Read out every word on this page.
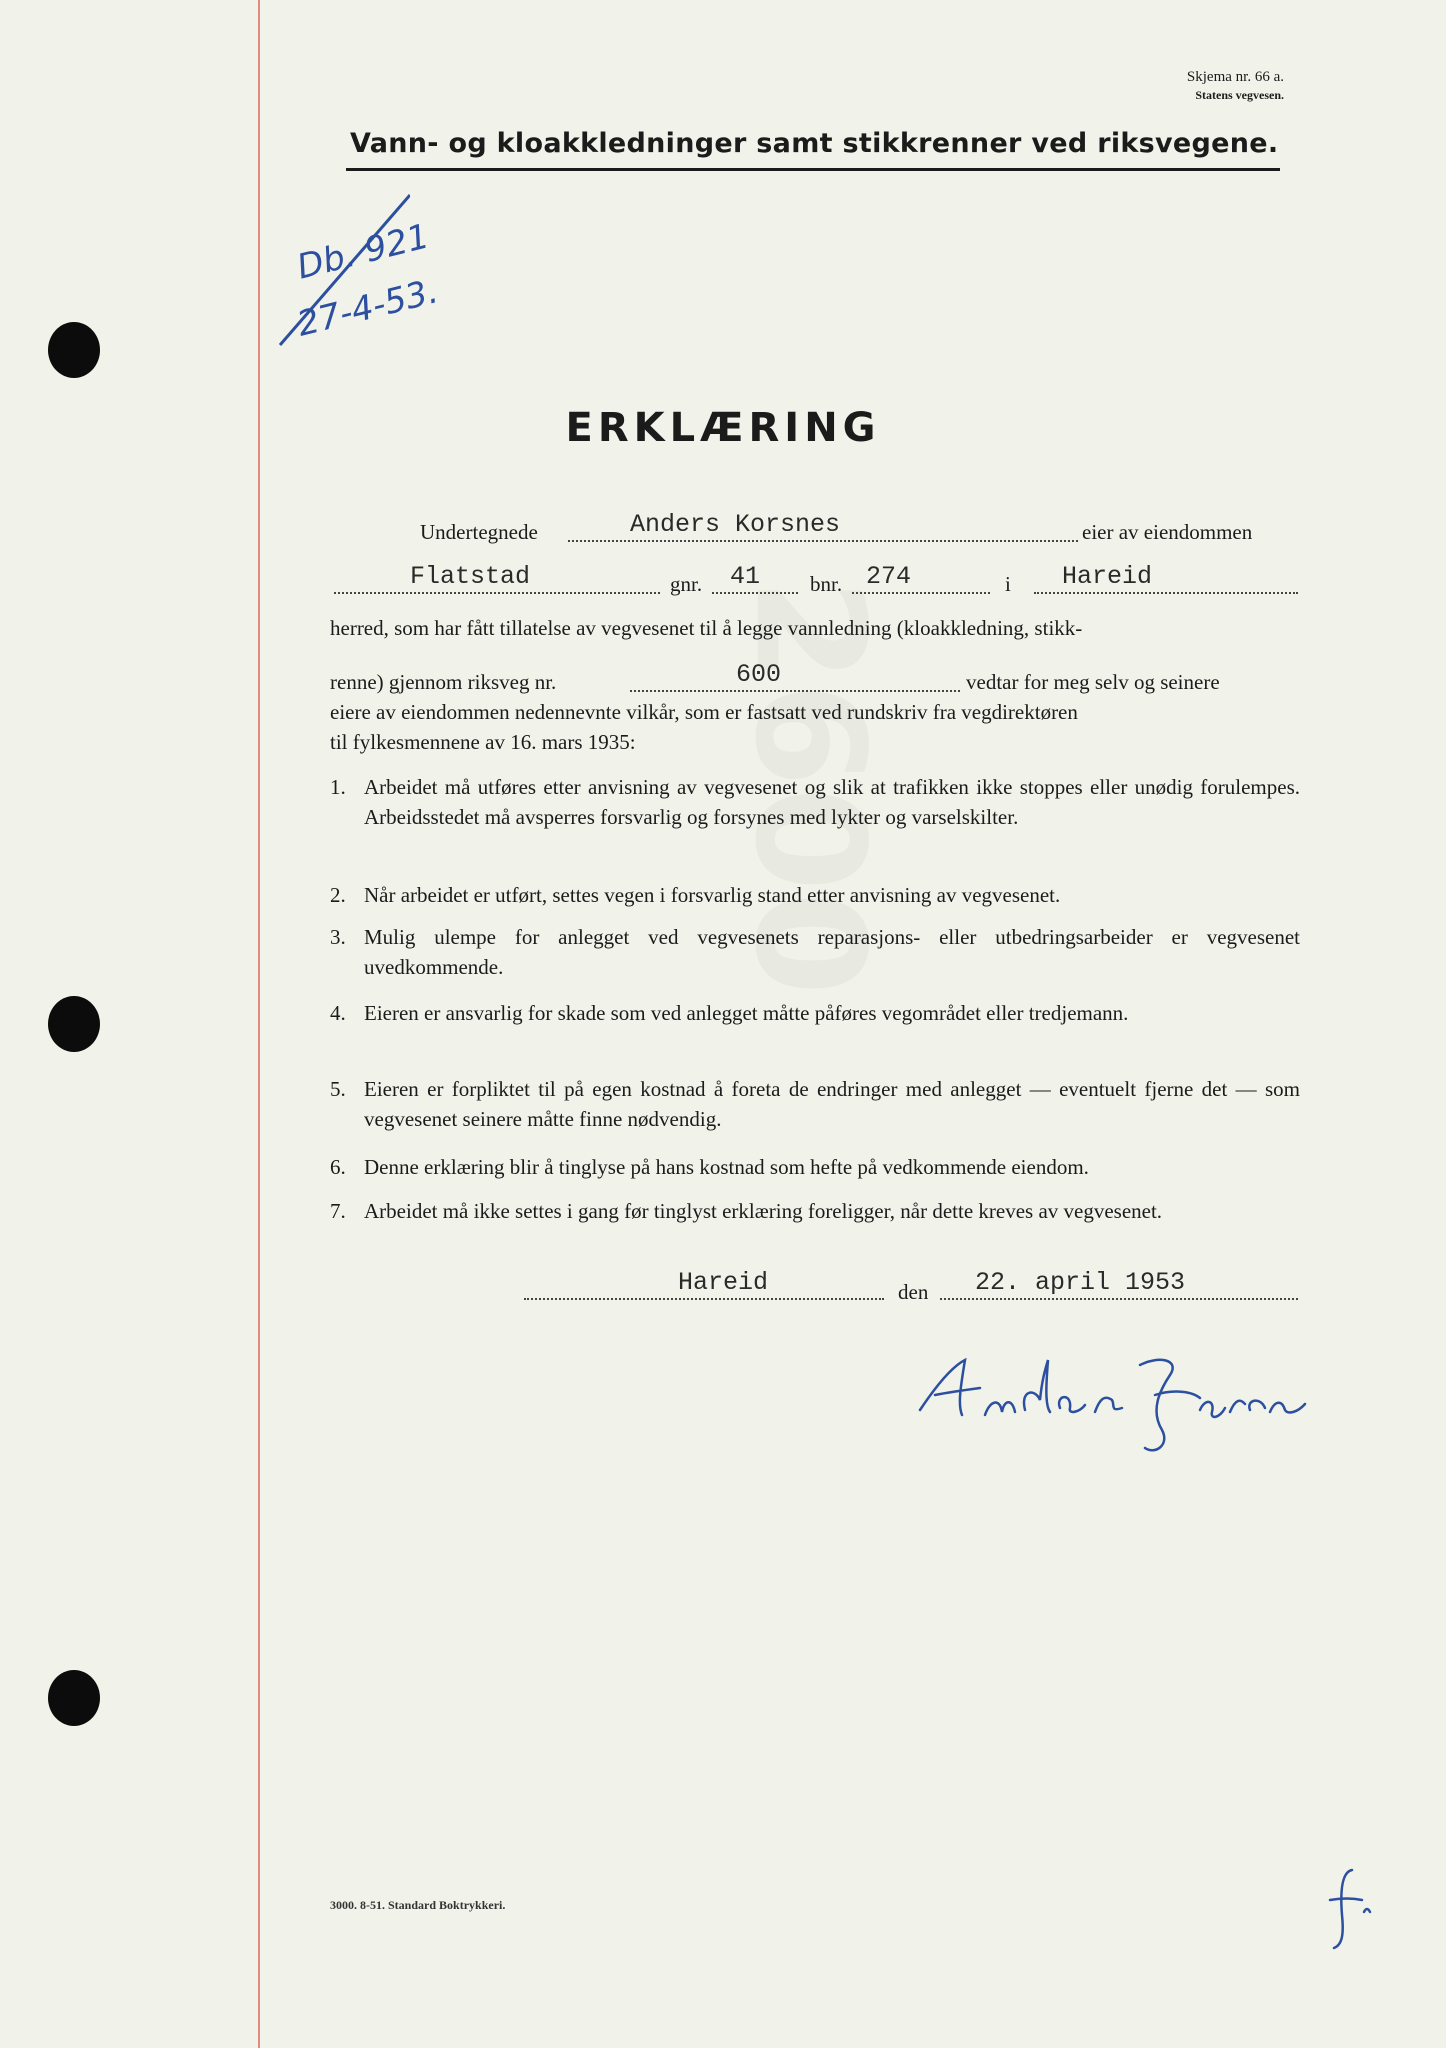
Skjema nr. 66 a.
Statens vegvesen.
Vann- og kloakkledninger samt stikkrenner ved riksvegene.
Db. 921
27-4-53.
ERKLÆRING
Undertegnede	Anders Korsnes	eier av eiendommen
Flatstad	gnr. 41 bnr. 274	i Hareid
herred, som har fått tillatelse av vegvesenet til å legge vannledning (kloakkledning, stikk-
renne) gjennom riksveg nr.	600	vedtar for meg selv og seinere
eiere av eiendommen nedennevnte vilkår, som er fastsatt ved rundskriv fra vegdirektøren
til fylkesmennene av 16. mars 1935:
1. Arbeidet må utføres etter anvisning av vegvesenet og slik at trafikken ikke stoppes eller unødig forulempes. Arbeidsstedet må avsperres forsvarlig og forsynes med lykter og varselskilter.
2. Når arbeidet er utført, settes vegen i forsvarlig stand etter anvisning av vegvesenet.
3. Mulig ulempe for anlegget ved vegvesenets reparasjons- eller utbedringsarbeider er vegvesenet uvedkommende.
4. Eieren er ansvarlig for skade som ved anlegget måtte påføres vegområdet eller tredjemann.
5. Eieren er forpliktet til på egen kostnad å foreta de endringer med anlegget — eventuelt fjerne det — som vegvesenet seinere måtte finne nødvendig.
6. Denne erklæring blir å tinglyse på hans kostnad som hefte på vedkommende eiendom.
7. Arbeidet må ikke settes i gang før tinglyst erklæring foreligger, når dette kreves av vegvesenet.
Hareid	den 22. april 1953
3000. 8-51. Standard Boktrykkeri.
